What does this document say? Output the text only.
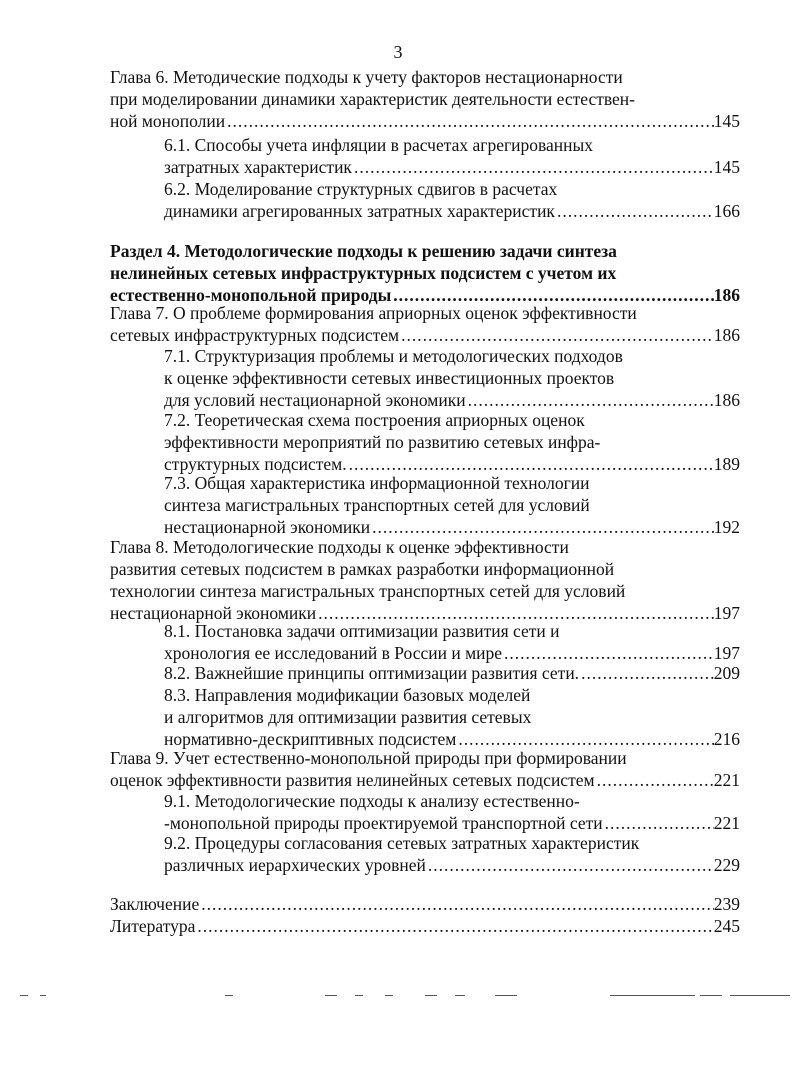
3
Глава 6. Методические подходы к учету факторов нестационарности
при моделировании динамики характеристик деятельности естествен-
ной монополии .....	145
6.1. Способы учета инфляции в расчетах агрегированных
затратных характеристик .....	145
6.2. Моделирование структурных сдвигов в расчетах
динамики агрегированных затратных характеристик .....	166
Раздел 4. Методологические подходы к решению задачи синтеза
нелинейных сетевых инфраструктурных подсистем с учетом их
естественно-монопольной природы .....	186
Глава 7. О проблеме формирования априорных оценок эффективности
сетевых инфраструктурных подсистем .....	186
7.1. Структуризация проблемы и методологических подходов
к оценке эффективности сетевых инвестиционных проектов
для условий нестационарной экономики .....	186
7.2. Теоретическая схема построения априорных оценок
эффективности мероприятий по развитию сетевых инфра-
структурных подсистем. .....	189
7.3. Общая характеристика информационной технологии
синтеза магистральных транспортных сетей для условий
нестационарной экономики .....	192
Глава 8. Методологические подходы к оценке эффективности
развития сетевых подсистем в рамках разработки информационной
технологии синтеза магистральных транспортных сетей для условий
нестационарной экономики .....	197
8.1. Постановка задачи оптимизации развития сети и
хронология ее исследований в России и мире .....	197
8.2. Важнейшие принципы оптимизации развития сети. .....	209
8.3. Направления модификации базовых моделей
и алгоритмов для оптимизации развития сетевых
нормативно-дескриптивных подсистем .....	216
Глава 9. Учет естественно-монопольной природы при формировании
оценок эффективности развития нелинейных сетевых подсистем .....	221
9.1. Методологические подходы к анализу естественно-
-монопольной природы проектируемой транспортной сети .....	221
9.2. Процедуры согласования сетевых затратных характеристик
различных иерархических уровней .....	229
Заключение .....	239
Литература .....	245
